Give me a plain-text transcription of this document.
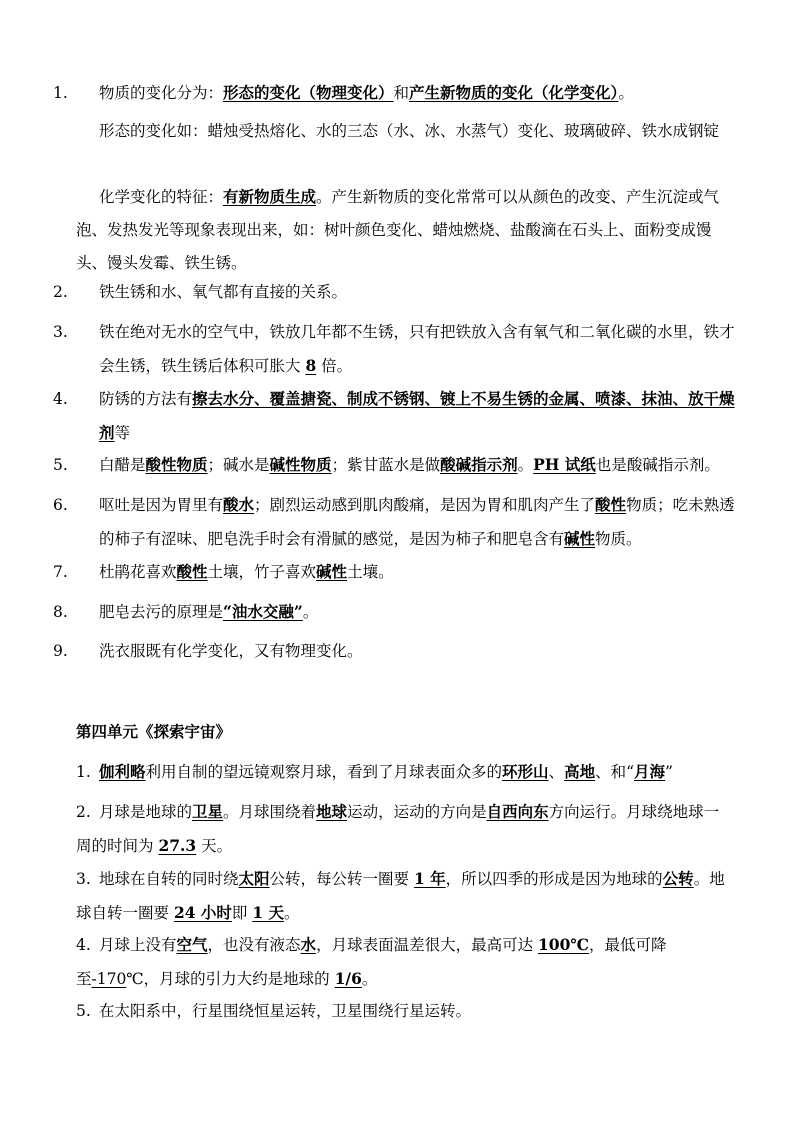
1. 物质的变化分为：形态的变化（物理变化）和产生新物质的变化（化学变化）。

形态的变化如：蜡烛受热熔化、水的三态（水、冰、水蒸气）变化、玻璃破碎、铁水成钢锭

化学变化的特征：有新物质生成。产生新物质的变化常常可以从颜色的改变、产生沉淀或气泡、发热发光等现象表现出来，如：树叶颜色变化、蜡烛燃烧、盐酸滴在石头上、面粉变成馒头、馒头发霉、铁生锈。

2. 铁生锈和水、氧气都有直接的关系。

3. 铁在绝对无水的空气中，铁放几年都不生锈，只有把铁放入含有氧气和二氧化碳的水里，铁才会生锈，铁生锈后体积可胀大 8 倍。

4. 防锈的方法有擦去水分、覆盖搪瓷、制成不锈钢、镀上不易生锈的金属、喷漆、抹油、放干燥剂等

5. 白醋是酸性物质；碱水是碱性物质；紫甘蓝水是做酸碱指示剂。PH 试纸也是酸碱指示剂。

6. 呕吐是因为胃里有酸水；剧烈运动感到肌肉酸痛，是因为胃和肌肉产生了酸性物质；吃未熟透的柿子有涩味、肥皂洗手时会有滑腻的感觉，是因为柿子和肥皂含有碱性物质。

7. 杜鹃花喜欢酸性土壤，竹子喜欢碱性土壤。

8. 肥皂去污的原理是“油水交融”。

9. 洗衣服既有化学变化，又有物理变化。

第四单元《探索宇宙》

1. 伽利略利用自制的望远镜观察月球，看到了月球表面众多的环形山、高地、和“月海”

2. 月球是地球的卫星。月球围绕着地球运动，运动的方向是自西向东方向运行。月球绕地球一周的时间为 27.3 天。

3. 地球在自转的同时绕太阳公转，每公转一圈要 1 年，所以四季的形成是因为地球的公转。地球自转一圈要 24 小时即 1 天。

4. 月球上没有空气，也没有液态水，月球表面温差很大，最高可达 100℃，最低可降至-170℃，月球的引力大约是地球的 1/6。

5. 在太阳系中，行星围绕恒星运转，卫星围绕行星运转。
